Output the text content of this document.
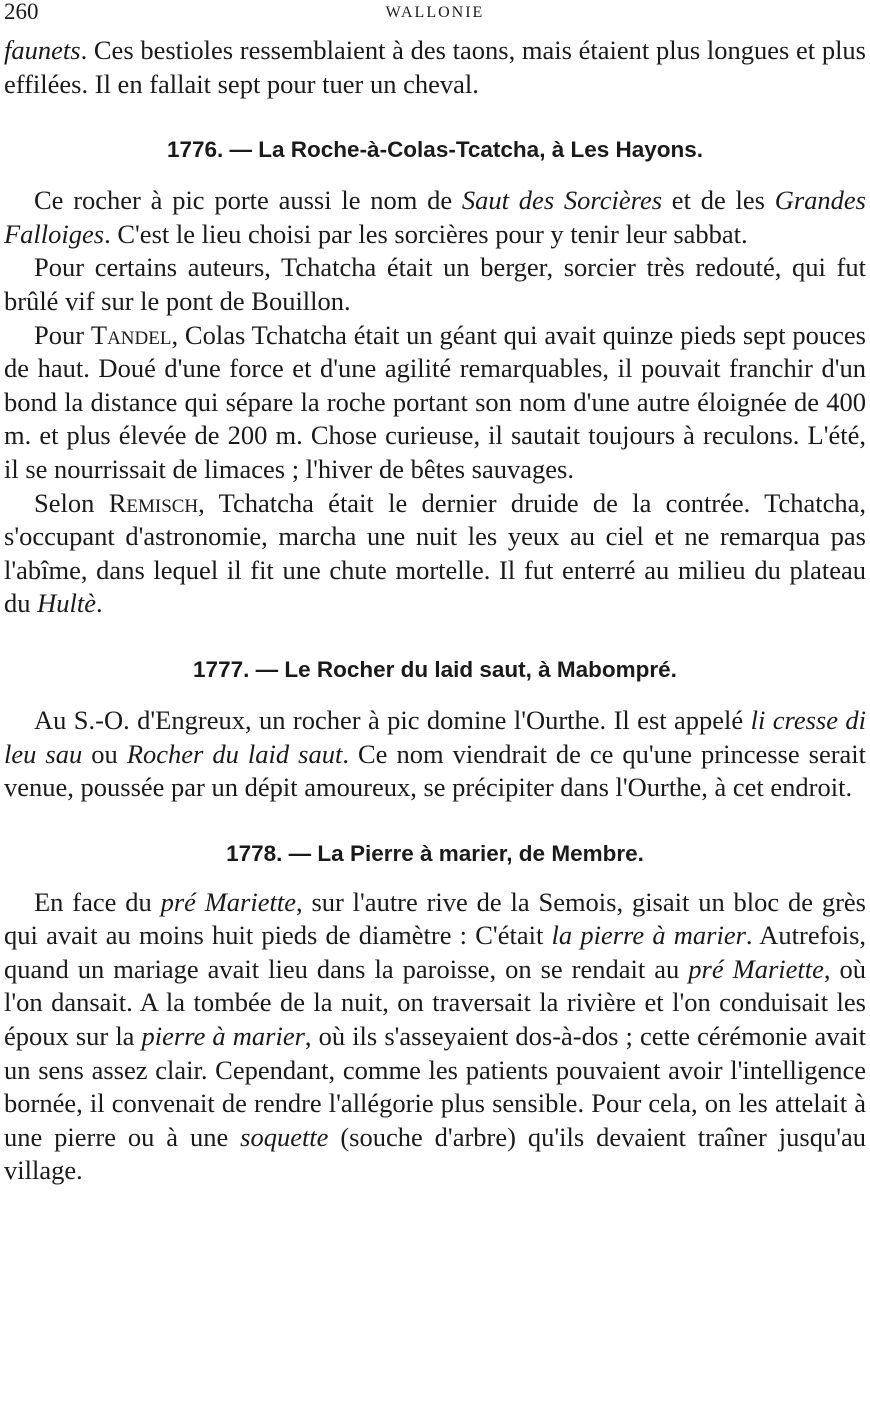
260	WALLONIE

faunets. Ces bestioles ressemblaient à des taons, mais étaient plus longues et plus effilées. Il en fallait sept pour tuer un cheval.

1776. — La Roche-à-Colas-Tcatcha, à Les Hayons.

Ce rocher à pic porte aussi le nom de Saut des Sorcières et de les Grandes Falloiges. C'est le lieu choisi par les sorcières pour y tenir leur sabbat.

Pour certains auteurs, Tchatcha était un berger, sorcier très redouté, qui fut brûlé vif sur le pont de Bouillon.

Pour Tandel, Colas Tchatcha était un géant qui avait quinze pieds sept pouces de haut. Doué d'une force et d'une agilité remarquables, il pouvait franchir d'un bond la distance qui sépare la roche portant son nom d'une autre éloignée de 400 m. et plus élevée de 200 m. Chose curieuse, il sautait toujours à reculons. L'été, il se nourrissait de limaces ; l'hiver de bêtes sauvages.

Selon Remisch, Tchatcha était le dernier druide de la contrée. Tchatcha, s'occupant d'astronomie, marcha une nuit les yeux au ciel et ne remarqua pas l'abîme, dans lequel il fit une chute mortelle. Il fut enterré au milieu du plateau du Hultè.

1777. — Le Rocher du laid saut, à Mabompré.

Au S.-O. d'Engreux, un rocher à pic domine l'Ourthe. Il est appelé li cresse di leu sau ou Rocher du laid saut. Ce nom viendrait de ce qu'une princesse serait venue, poussée par un dépit amoureux, se précipiter dans l'Ourthe, à cet endroit.

1778. — La Pierre à marier, de Membre.

En face du pré Mariette, sur l'autre rive de la Semois, gisait un bloc de grès qui avait au moins huit pieds de diamètre : C'était la pierre à marier. Autrefois, quand un mariage avait lieu dans la paroisse, on se rendait au pré Mariette, où l'on dansait. A la tombée de la nuit, on traversait la rivière et l'on conduisait les époux sur la pierre à marier, où ils s'asseyaient dos-à-dos ; cette cérémonie avait un sens assez clair. Cependant, comme les patients pouvaient avoir l'intelligence bornée, il convenait de rendre l'allégorie plus sensible. Pour cela, on les attelait à une pierre ou à une soquette (souche d'arbre) qu'ils devaient traîner jusqu'au village.
